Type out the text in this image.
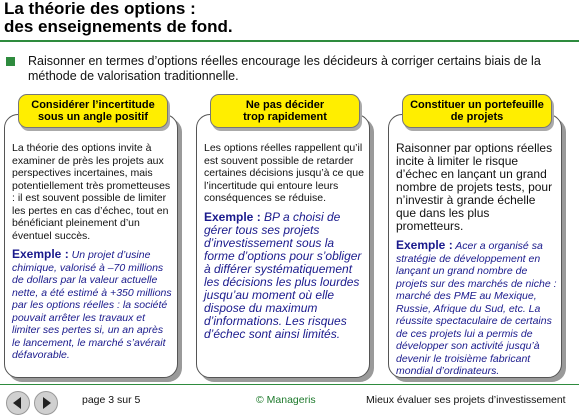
La théorie des options :
des enseignements de fond.
Raisonner en termes d’options réelles encourage les décideurs à corriger certains biais de la méthode de valorisation traditionnelle.
Considérer l’incertitude
sous un angle positif
La théorie des options invite à examiner de près les projets aux perspectives incertaines, mais potentiellement très prometteuses : il est souvent possible de limiter les pertes en cas d’échec, tout en bénéficiant pleinement d’un éventuel succès.
Exemple : Un projet d’usine chimique, valorisé à –70 millions de dollars par la valeur actuelle nette, a été estimé à +350 millions par les options réelles : la société pouvait arrêter les travaux et limiter ses pertes si, un an après le lancement, le marché s’avérait défavorable.
Ne pas décider
trop rapidement
Les options réelles rappellent qu’il est souvent possible de retarder certaines décisions jusqu’à ce que l’incertitude qui entoure leurs conséquences se réduise.
Exemple : BP a choisi de gérer tous ses projets d’investissement sous la forme d’options pour s’obliger à différer systématiquement les décisions les plus lourdes jusqu’au moment où elle dispose du maximum d’informations. Les risques d’échec sont ainsi limités.
Constituer un portefeuille
de projets
Raisonner par options réelles incite à limiter le risque d’échec en lançant un grand nombre de projets tests, pour n’investir à grande échelle que dans les plus prometteurs.
Exemple : Acer a organisé sa stratégie de développement en lançant un grand nombre de projets sur des marchés de niche : marché des PME au Mexique, Russie, Afrique du Sud, etc. La réussite spectaculaire de certains de ces projets lui a permis de développer son activité jusqu’à devenir le troisième fabricant mondial d’ordinateurs.
page 3 sur 5	© Manageris	Mieux évaluer ses projets d’investissement
